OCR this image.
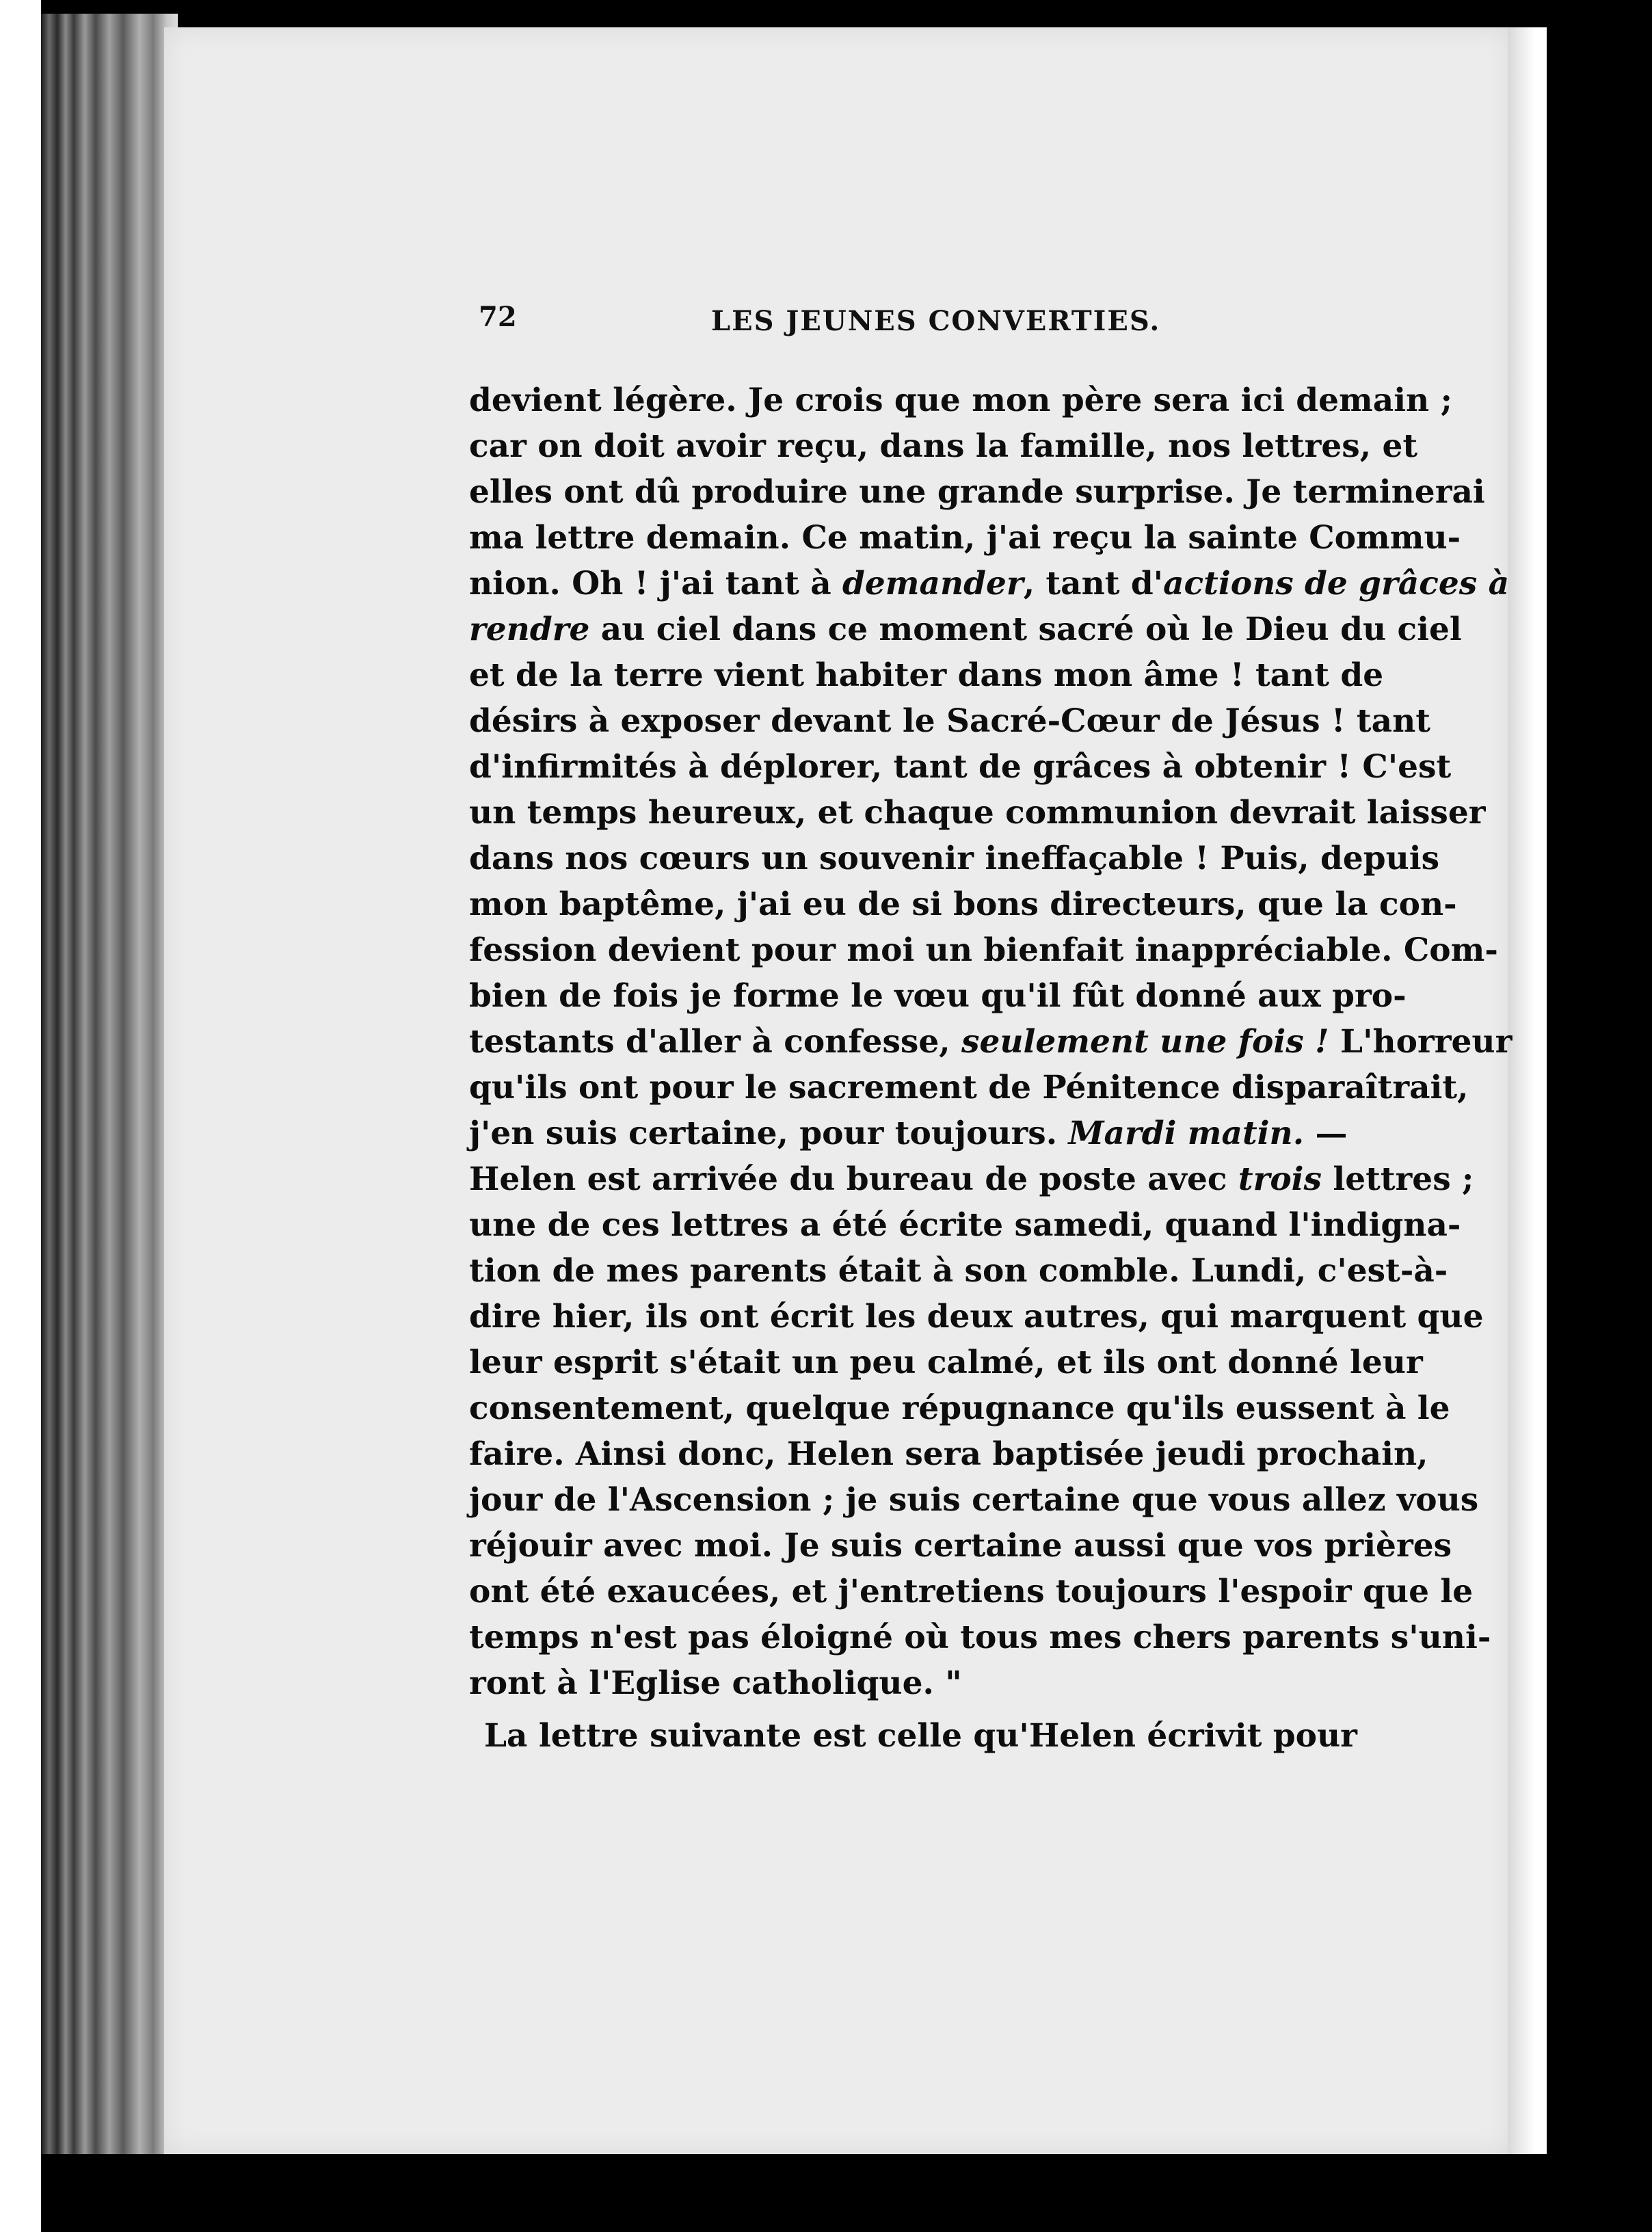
72	LES JEUNES CONVERTIES.
devient légère. Je crois que mon père sera ici demain ;
car on doit avoir reçu, dans la famille, nos lettres, et
elles ont dû produire une grande surprise. Je terminerai
ma lettre demain. Ce matin, j'ai reçu la sainte Commu-
nion. Oh ! j'ai tant à demander, tant d'actions de grâces à
rendre au ciel dans ce moment sacré où le Dieu du ciel
et de la terre vient habiter dans mon âme ! tant de
désirs à exposer devant le Sacré-Cœur de Jésus ! tant
d'infirmités à déplorer, tant de grâces à obtenir ! C'est
un temps heureux, et chaque communion devrait laisser
dans nos cœurs un souvenir ineffaçable ! Puis, depuis
mon baptême, j'ai eu de si bons directeurs, que la con-
fession devient pour moi un bienfait inappréciable. Com-
bien de fois je forme le vœu qu'il fût donné aux pro-
testants d'aller à confesse, seulement une fois ! L'horreur
qu'ils ont pour le sacrement de Pénitence disparaîtrait,
j'en suis certaine, pour toujours. Mardi matin. —
Helen est arrivée du bureau de poste avec trois lettres ;
une de ces lettres a été écrite samedi, quand l'indigna-
tion de mes parents était à son comble. Lundi, c'est-à-
dire hier, ils ont écrit les deux autres, qui marquent que
leur esprit s'était un peu calmé, et ils ont donné leur
consentement, quelque répugnance qu'ils eussent à le
faire. Ainsi donc, Helen sera baptisée jeudi prochain,
jour de l'Ascension ; je suis certaine que vous allez vous
réjouir avec moi. Je suis certaine aussi que vos prières
ont été exaucées, et j'entretiens toujours l'espoir que le
temps n'est pas éloigné où tous mes chers parents s'uni-
ront à l'Eglise catholique. "
La lettre suivante est celle qu'Helen écrivit pour
